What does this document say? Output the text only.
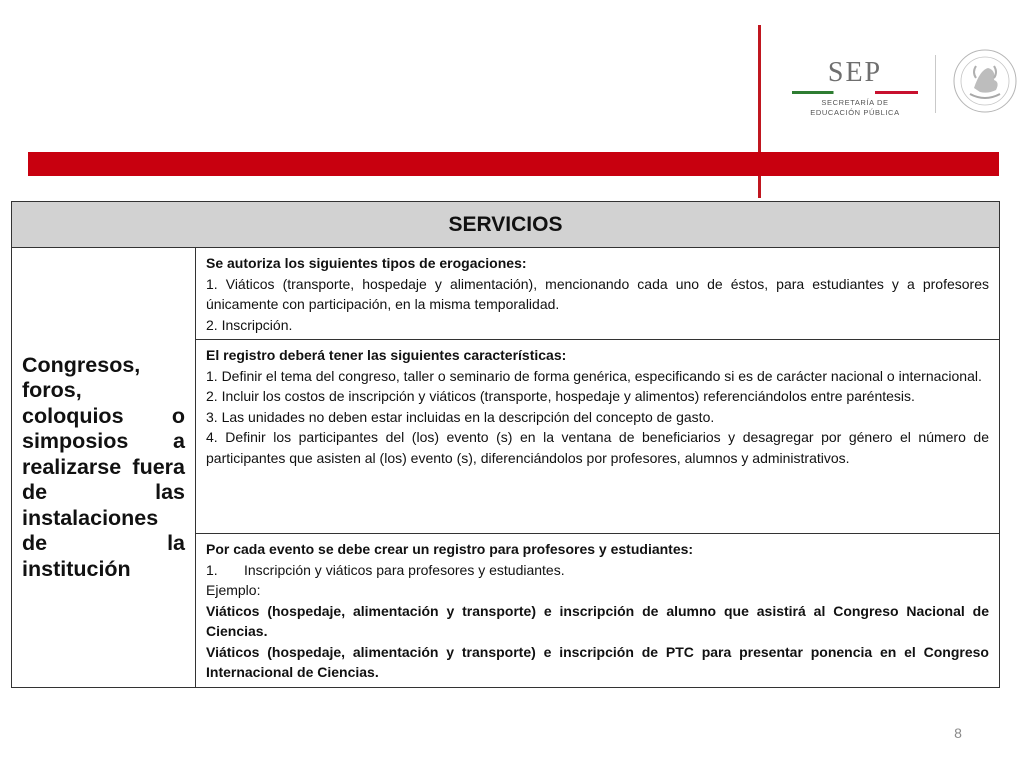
SEP
SECRETARÍA DE
EDUCACIÓN PÚBLICA
SERVICIOS
Congresos, foros, coloquios o simposios a realizarse fuera de las instalaciones de la institución

Se autoriza los siguientes tipos de erogaciones:

1. Viáticos (transporte, hospedaje y alimentación), mencionando cada uno de éstos, para estudiantes y a profesores únicamente con participación, en la misma temporalidad.

2. Inscripción.

El registro deberá tener las siguientes características:

1. Definir el tema del congreso, taller o seminario de forma genérica, especificando si es de carácter nacional o internacional.

2. Incluir los costos de inscripción y viáticos (transporte, hospedaje y alimentos) referenciándolos entre paréntesis.

3. Las unidades no deben estar incluidas en la descripción del concepto de gasto.

4. Definir los participantes del (los) evento (s) en la ventana de beneficiarios y desagregar por género el número de participantes que asisten al (los) evento (s), diferenciándolos por profesores, alumnos y administrativos.

Por cada evento se debe crear un registro para profesores y estudiantes:

1.	Inscripción y viáticos para profesores y estudiantes.

Ejemplo:

Viáticos (hospedaje, alimentación y transporte) e inscripción de alumno que asistirá al Congreso Nacional de Ciencias.

Viáticos (hospedaje, alimentación y transporte) e inscripción de PTC para presentar ponencia en el Congreso Internacional de Ciencias.

8
